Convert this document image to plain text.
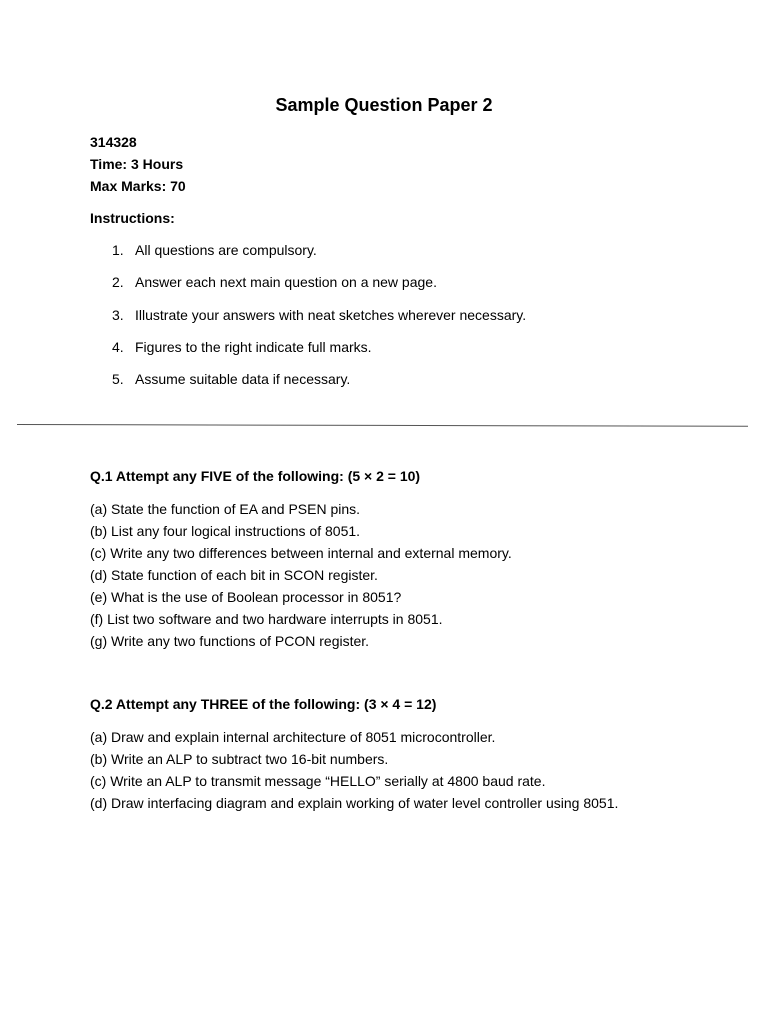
Sample Question Paper 2
314328
Time: 3 Hours
Max Marks: 70
Instructions:
1. All questions are compulsory.
2. Answer each next main question on a new page.
3. Illustrate your answers with neat sketches wherever necessary.
4. Figures to the right indicate full marks.
5. Assume suitable data if necessary.
Q.1 Attempt any FIVE of the following: (5 × 2 = 10)
(a) State the function of EA and PSEN pins.
(b) List any four logical instructions of 8051.
(c) Write any two differences between internal and external memory.
(d) State function of each bit in SCON register.
(e) What is the use of Boolean processor in 8051?
(f) List two software and two hardware interrupts in 8051.
(g) Write any two functions of PCON register.
Q.2 Attempt any THREE of the following: (3 × 4 = 12)
(a) Draw and explain internal architecture of 8051 microcontroller.
(b) Write an ALP to subtract two 16-bit numbers.
(c) Write an ALP to transmit message “HELLO” serially at 4800 baud rate.
(d) Draw interfacing diagram and explain working of water level controller using 8051.
